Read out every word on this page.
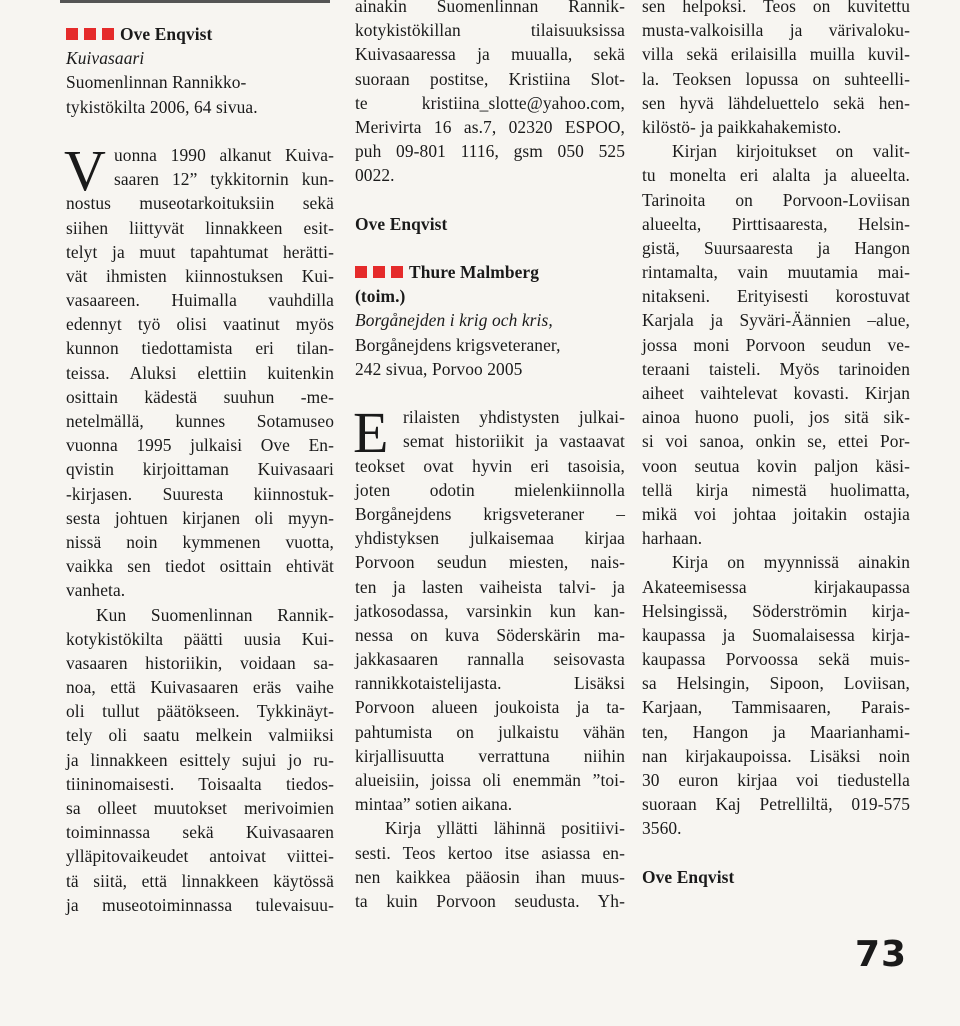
Ove Enqvist
Kuivasaari
Suomenlinnan Rannikko-
tykistökilta 2006, 64 sivua.
V uonna 1990 alkanut Kuiva-
saaren 12” tykkitornin kun-
nostus museotarkoituksiin sekä
siihen liittyvät linnakkeen esit-
telyt ja muut tapahtumat herätti-
vät ihmisten kiinnostuksen Kui-
vasaareen. Huimalla vauhdilla
edennyt työ olisi vaatinut myös
kunnon tiedottamista eri tilan-
teissa. Aluksi elettiin kuitenkin
osittain kädestä suuhun -me-
netelmällä, kunnes Sotamuseo
vuonna 1995 julkaisi Ove En-
qvistin kirjoittaman Kuivasaari
-kirjasen. Suuresta kiinnostuk-
sesta johtuen kirjanen oli myyn-
nissä noin kymmenen vuotta,
vaikka sen tiedot osittain ehtivät
vanheta.
Kun Suomenlinnan Rannik-
kotykistökilta päätti uusia Kui-
vasaaren historiikin, voidaan sa-
noa, että Kuivasaaren eräs vaihe
oli tullut päätökseen. Tykkinäyt-
tely oli saatu melkein valmiiksi
ja linnakkeen esittely sujui jo ru-
tiininomaisesti. Toisaalta tiedos-
sa olleet muutokset merivoimien
toiminnassa sekä Kuivasaaren
ylläpitovaikeudet antoivat viittei-
tä siitä, että linnakkeen käytössä
ja museotoiminnassa tulevaisuu-
ainakin Suomenlinnan Rannik-
kotykistökillan tilaisuuksissa
Kuivasaaressa ja muualla, sekä
suoraan postitse, Kristiina Slot-
te kristiina_slotte@yahoo.com,
Merivirta 16 as.7, 02320 ESPOO,
puh 09-801 1116, gsm 050 525
0022.
Ove Enqvist
Thure Malmberg
(toim.)
Borgånejden i krig och kris,
Borgånejdens krigsveteraner,
242 sivua, Porvoo 2005
E rilaisten yhdistysten julkai-
semat historiikit ja vastaavat
teokset ovat hyvin eri tasoisia,
joten odotin mielenkiinnolla
Borgånejdens krigsveteraner –
yhdistyksen julkaisemaa kirjaa
Porvoon seudun miesten, nais-
ten ja lasten vaiheista talvi- ja
jatkosodassa, varsinkin kun kan-
nessa on kuva Söderskärin ma-
jakkasaaren rannalla seisovasta
rannikkotaistelijasta. Lisäksi
Porvoon alueen joukoista ja ta-
pahtumista on julkaistu vähän
kirjallisuutta verrattuna niihin
alueisiin, joissa oli enemmän ”toi-
mintaa” sotien aikana.
Kirja yllätti lähinnä positiivi-
sesti. Teos kertoo itse asiassa en-
nen kaikkea pääosin ihan muus-
ta kuin Porvoon seudusta. Yh-
sen helpoksi. Teos on kuvitettu
musta-valkoisilla ja värivaloku-
villa sekä erilaisilla muilla kuvil-
la. Teoksen lopussa on suhteelli-
sen hyvä lähdeluettelo sekä hen-
kilöstö- ja paikkahakemisto.
Kirjan kirjoitukset on valit-
tu monelta eri alalta ja alueelta.
Tarinoita on Porvoon-Loviisan
alueelta, Pirttisaaresta, Helsin-
gistä, Suursaaresta ja Hangon
rintamalta, vain muutamia mai-
nitakseni. Erityisesti korostuvat
Karjala ja Syväri-Äännien –alue,
jossa moni Porvoon seudun ve-
teraani taisteli. Myös tarinoiden
aiheet vaihtelevat kovasti. Kirjan
ainoa huono puoli, jos sitä sik-
si voi sanoa, onkin se, ettei Por-
voon seutua kovin paljon käsi-
tellä kirja nimestä huolimatta,
mikä voi johtaa joitakin ostajia
harhaan.
Kirja on myynnissä ainakin
Akateemisessa kirjakaupassa
Helsingissä, Söderströmin kirja-
kaupassa ja Suomalaisessa kirja-
kaupassa Porvoossa sekä muis-
sa Helsingin, Sipoon, Loviisan,
Karjaan, Tammisaaren, Parais-
ten, Hangon ja Maarianhami-
nan kirjakaupoissa. Lisäksi noin
30 euron kirjaa voi tiedustella
suoraan Kaj Petrelliltä, 019-575
3560.
Ove Enqvist
73
